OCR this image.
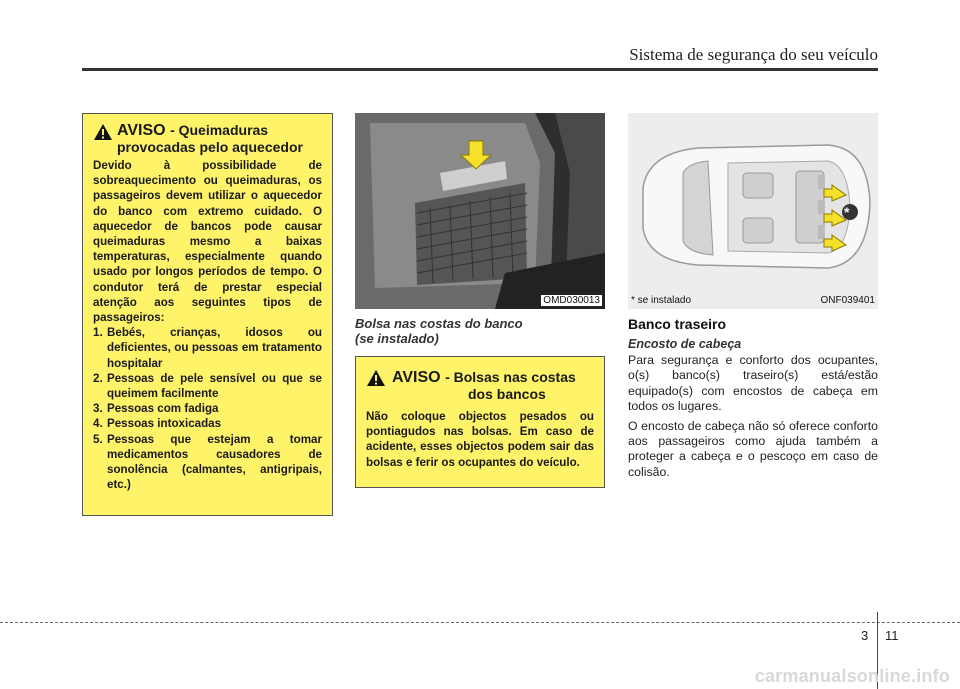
Sistema de segurança do seu veículo
AVISO - Queimaduras
provocadas pelo aquecedor

Devido à possibilidade de sobreaquecimento ou queimaduras, os passageiros devem utilizar o aquecedor do banco com extremo cuidado. O aquecedor de bancos pode causar queimaduras mesmo a baixas temperaturas, especialmente quando usado por longos períodos de tempo. O condutor terá de prestar especial atenção aos seguintes tipos de passageiros:

1. Bebés, crianças, idosos ou deficientes, ou pessoas em tratamento hospitalar
2. Pessoas de pele sensível ou que se queimem facilmente
3. Pessoas com fadiga
4. Pessoas intoxicadas
5. Pessoas que estejam a tomar medicamentos causadores de sonolência (calmantes, antigripais, etc.)
OMD030013
Bolsa nas costas do banco
(se instalado)
AVISO - Bolsas nas costas
dos bancos

Não coloque objectos pesados ou pontiagudos nas bolsas. Em caso de acidente, esses objectos podem sair das bolsas e ferir os ocupantes do veículo.

*
* se instalado	ONF039401
Banco traseiro
Encosto de cabeça

Para segurança e conforto dos ocupantes, o(s) banco(s) traseiro(s) está/estão equipado(s) com encostos de cabeça em todos os lugares.

O encosto de cabeça não só oferece conforto aos passageiros como ajuda também a proteger a cabeça e o pescoço em caso de colisão.

3 11
carmanualsonline.info
